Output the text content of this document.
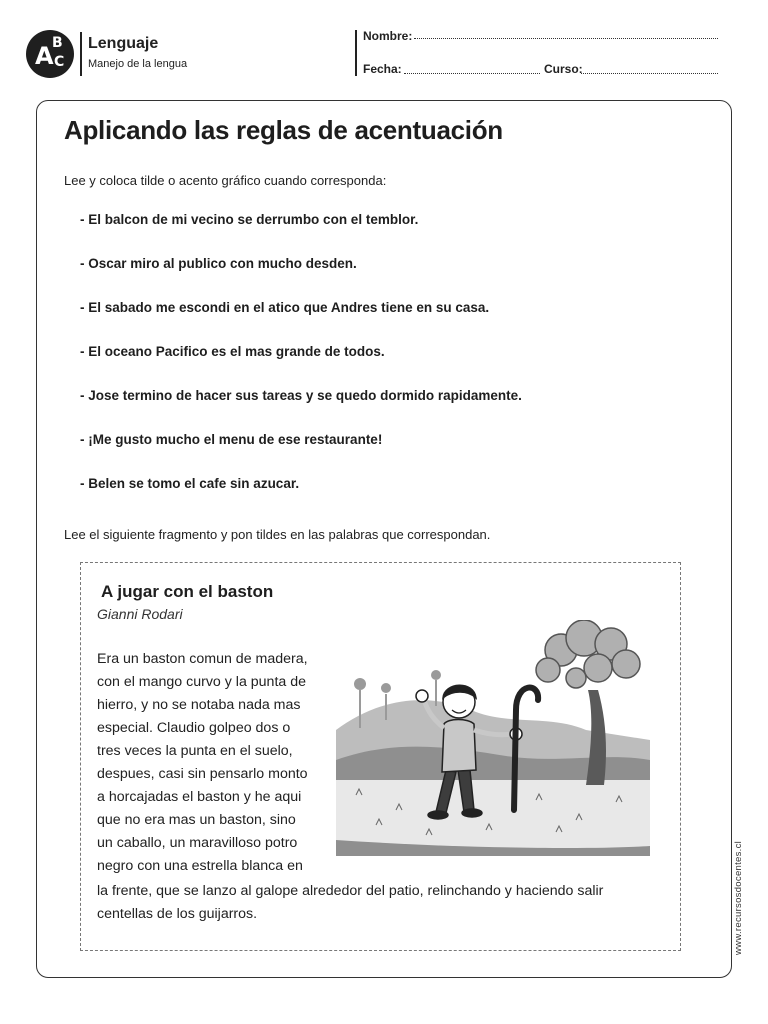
A
B
C
Lenguaje
Manejo de la lengua
Nombre:
Fecha:	Curso:
Aplicando las reglas de acentuación
Lee y coloca tilde o acento gráfico cuando corresponda:
- El balcon de mi vecino se derrumbo con el temblor.
- Oscar miro al publico con mucho desden.
- El sabado me escondi en el atico que Andres tiene en su casa.
- El oceano Pacifico es el mas grande de todos.
- Jose termino de hacer sus tareas y se quedo dormido rapidamente.
- ¡Me gusto mucho el menu de ese restaurante!
- Belen se tomo el cafe sin azucar.
Lee el siguiente fragmento y pon tildes en las palabras que correspondan.
A jugar con el baston
Gianni Rodari
Era un baston comun de madera,
con el mango curvo y la punta de
hierro, y no se notaba nada mas
especial. Claudio golpeo dos o
tres veces la punta en el suelo,
despues, casi sin pensarlo monto
a horcajadas el baston y he aqui
que no era mas un baston, sino
un caballo, un maravilloso potro
negro con una estrella blanca en
la frente, que se lanzo al galope alrededor del patio, relinchando y haciendo salir
centellas de los guijarros.	www.recursosdocentes.cl
